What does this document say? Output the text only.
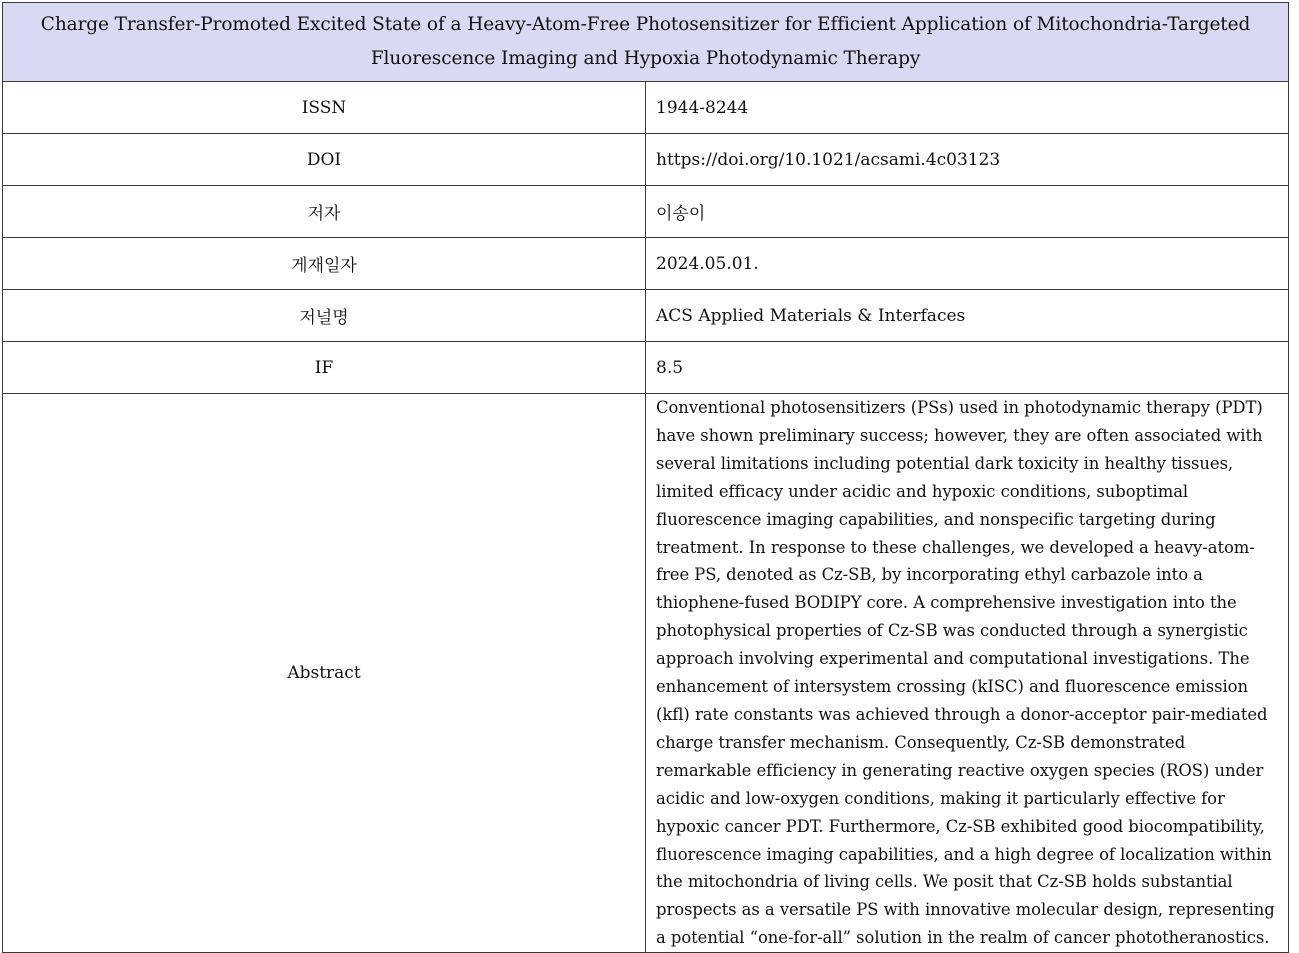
Charge Transfer-Promoted Excited State of a Heavy-Atom-Free Photosensitizer for Efficient Application of Mitochondria-Targeted Fluorescence Imaging and Hypoxia Photodynamic Therapy	
ISSN	1944-8244
DOI	https://doi.org/10.1021/acsami.4c03123
저자	이송이
게재일자	2024.05.01.
저널명	ACS Applied Materials & Interfaces
IF	8.5
Abstract	Conventional photosensitizers (PSs) used in photodynamic therapy (PDT) have shown preliminary success; however, they are often associated with several limitations including potential dark toxicity in healthy tissues, limited efficacy under acidic and hypoxic conditions, suboptimal fluorescence imaging capabilities, and nonspecific targeting during treatment. In response to these challenges, we developed a heavy-atom-free PS, denoted as Cz-SB, by incorporating ethyl carbazole into a thiophene-fused BODIPY core. A comprehensive investigation into the photophysical properties of Cz-SB was conducted through a synergistic approach involving experimental and computational investigations. The enhancement of intersystem crossing (kISC) and fluorescence emission (kfl) rate constants was achieved through a donor-acceptor pair-mediated charge transfer mechanism. Consequently, Cz-SB demonstrated remarkable efficiency in generating reactive oxygen species (ROS) under acidic and low-oxygen conditions, making it particularly effective for hypoxic cancer PDT. Furthermore, Cz-SB exhibited good biocompatibility, fluorescence imaging capabilities, and a high degree of localization within the mitochondria of living cells. We posit that Cz-SB holds substantial prospects as a versatile PS with innovative molecular design, representing a potential “one-for-all” solution in the realm of cancer phototheranostics.
